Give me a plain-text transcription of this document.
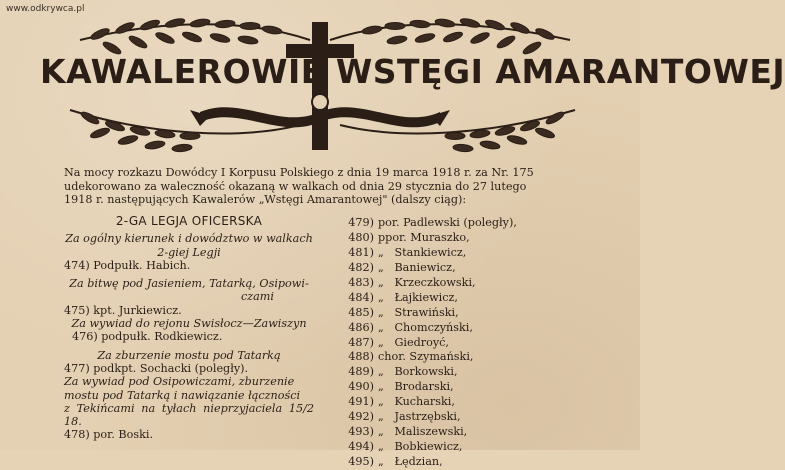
www.odkrywca.pl
KAWALEROWIE WSTĘGI AMARANTOWEJ

Na mocy rozkazu Dowódcy I Korpusu Polskiego z dnia 19 marca 1918 r. za Nr. 175

udekorowano za waleczność okazaną w walkach od dnia 29 stycznia do 27 lutego

1918 r. następujących Kawalerów „Wstęgi Amarantowej" (dalszy ciąg):

2-GA LEGJA OFICERSKA
Za ogólny kierunek i dowództwo w walkach
2-giej Legji
474) Podpułk. Habich.
Za bitwę pod Jasieniem, Tatarką, Osipowi-
czami
475) kpt. Jurkiewicz.
Za wywiad do rejonu Swisłocz—Zawiszyn
476) podpułk. Rodkiewicz.
Za zburzenie mostu pod Tatarką
477) podkpt. Sochacki (poległy).
Za wywiad pod Osipowiczami, zburzenie
mostu pod Tatarką i nawiązanie łączności
z Tekińcami na tyłach nieprzyjaciela 15/2 18.
478) por. Boski.
479) por. Padlewski (poległy),
480) ppor. Muraszko,
481) „   Stankiewicz,
482) „   Baniewicz,
483) „   Krzeczkowski,
484) „   Łajkiewicz,
485) „   Strawiński,
486) „   Chomczyński,
487) „   Giedroyć,
488) chor. Szymański,
489) „   Borkowski,
490) „   Brodarski,
491) „   Kucharski,
492) „   Jastrzębski,
493) „   Maliszewski,
494) „   Bobkiewicz,
495) „   Łędzian,
